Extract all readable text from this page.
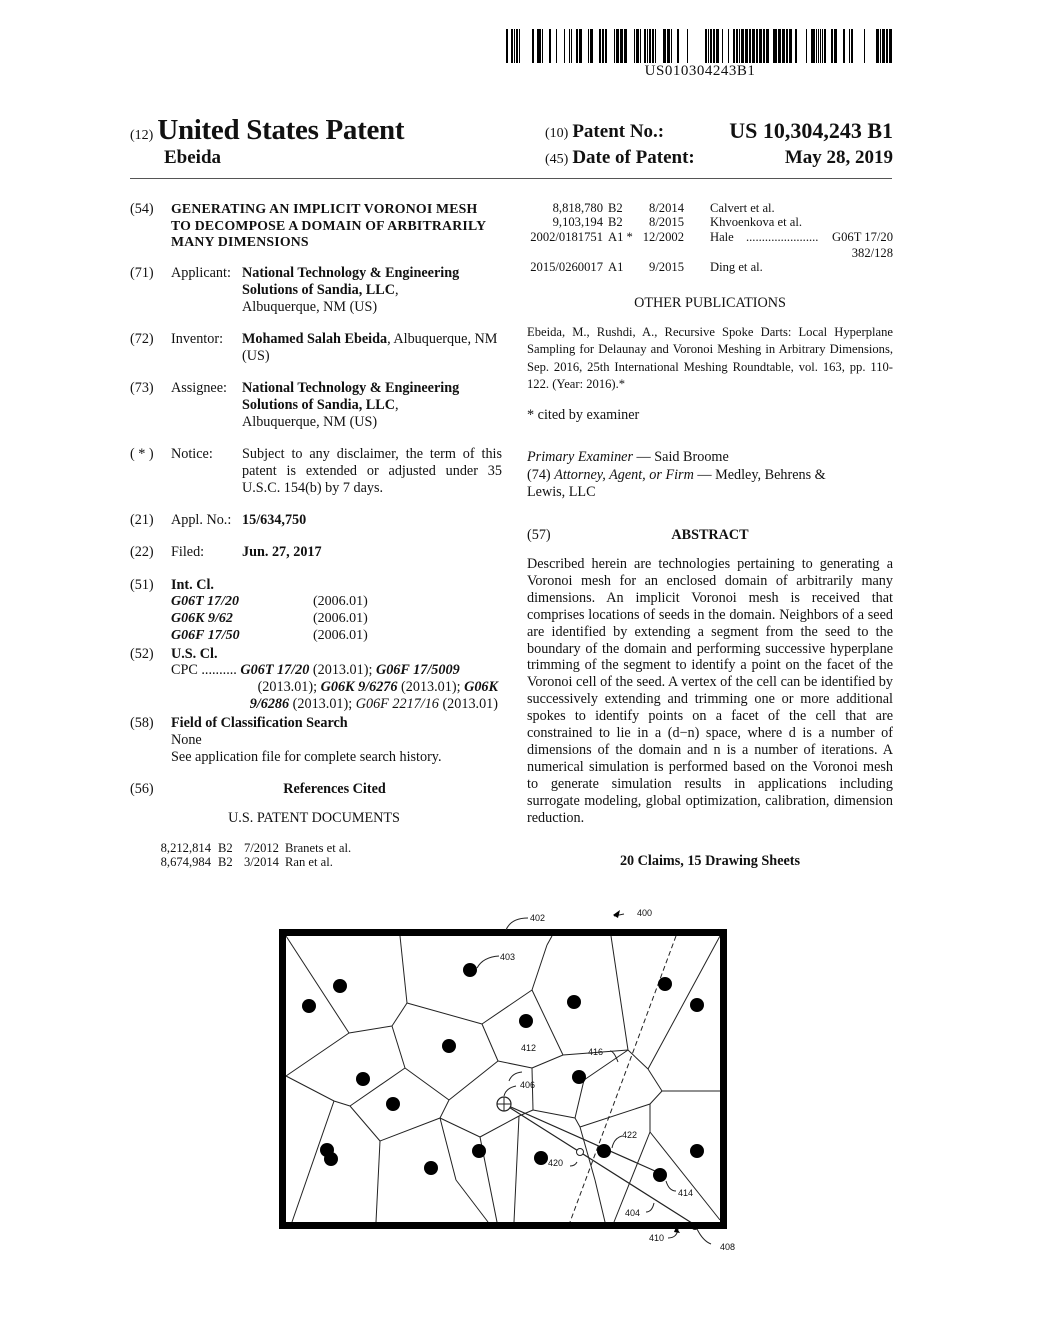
US010304243B1
(12) United States Patent
Ebeida
(10) Patent No.:	US 10,304,243 B1
(45) Date of Patent:	May 28, 2019
(54) GENERATING AN IMPLICIT VORONOI MESH TO DECOMPOSE A DOMAIN OF ARBITRARILY MANY DIMENSIONS
(71) Applicant: National Technology & Engineering
Solutions of Sandia, LLC,
Albuquerque, NM (US)
(72) Inventor: Mohamed Salah Ebeida, Albuquerque, NM (US)
(73) Assignee: National Technology & Engineering
Solutions of Sandia, LLC,
Albuquerque, NM (US)
( * ) Notice: Subject to any disclaimer, the term of this patent is extended or adjusted under 35 U.S.C. 154(b) by 7 days.
(21) Appl. No.: 15/634,750
(22) Filed:	Jun. 27, 2017
(51) Int. Cl.
G06T 17/20	(2006.01)
G06K 9/62	(2006.01)
G06F 17/50	(2006.01)
(52) U.S. Cl.
CPC .......... G06T 17/20 (2013.01); G06F 17/5009
(2013.01); G06K 9/6276 (2013.01); G06K
9/6286 (2013.01); G06F 2217/16 (2013.01)
(58) Field of Classification Search
None
See application file for complete search history.
(56)	References Cited
U.S. PATENT DOCUMENTS
8,212,814 B2 7/2012 Branets et al.
8,674,984 B2 3/2014 Ran et al.
8,818,780 B2	8/2014 Calvert et al.
9,103,194 B2	8/2015 Khvoenkova et al.
2002/0181751 A1 * 12/2002 Hale .......................	G06T 17/20
382/128
2015/0260017 A1	9/2015 Ding et al.
OTHER PUBLICATIONS
Ebeida, M., Rushdi, A., Recursive Spoke Darts: Local Hyperplane Sampling for Delaunay and Voronoi Meshing in Arbitrary Dimensions, Sep. 2016, 25th International Meshing Roundtable, vol. 163, pp. 110-122. (Year: 2016).*
* cited by examiner
Primary Examiner — Said Broome
(74) Attorney, Agent, or Firm — Medley, Behrens & Lewis, LLC
(57)	ABSTRACT
Described herein are technologies pertaining to generating a Voronoi mesh for an enclosed domain of arbitrarily many dimensions. An implicit Voronoi mesh is received that comprises locations of seeds in the domain. Neighbors of a seed are identified by extending a segment from the seed to the boundary of the domain and performing successive hyperplane trimming of the segment to identify a point on the facet of the Voronoi cell of the seed. A vertex of the cell can be identified by successively extending and trimming one or more additional spokes to identify points on a facet of the cell that are constrained to lie in a (d−n) space, where d is a number of dimensions of the domain and n is a number of iterations. A numerical simulation is performed based on the Voronoi mesh to generate simulation results in applications including surrogate modeling, global optimization, calibration, dimension reduction.
20 Claims, 15 Drawing Sheets
402	400
403
412	416
406
422
420
414
404
410
408
